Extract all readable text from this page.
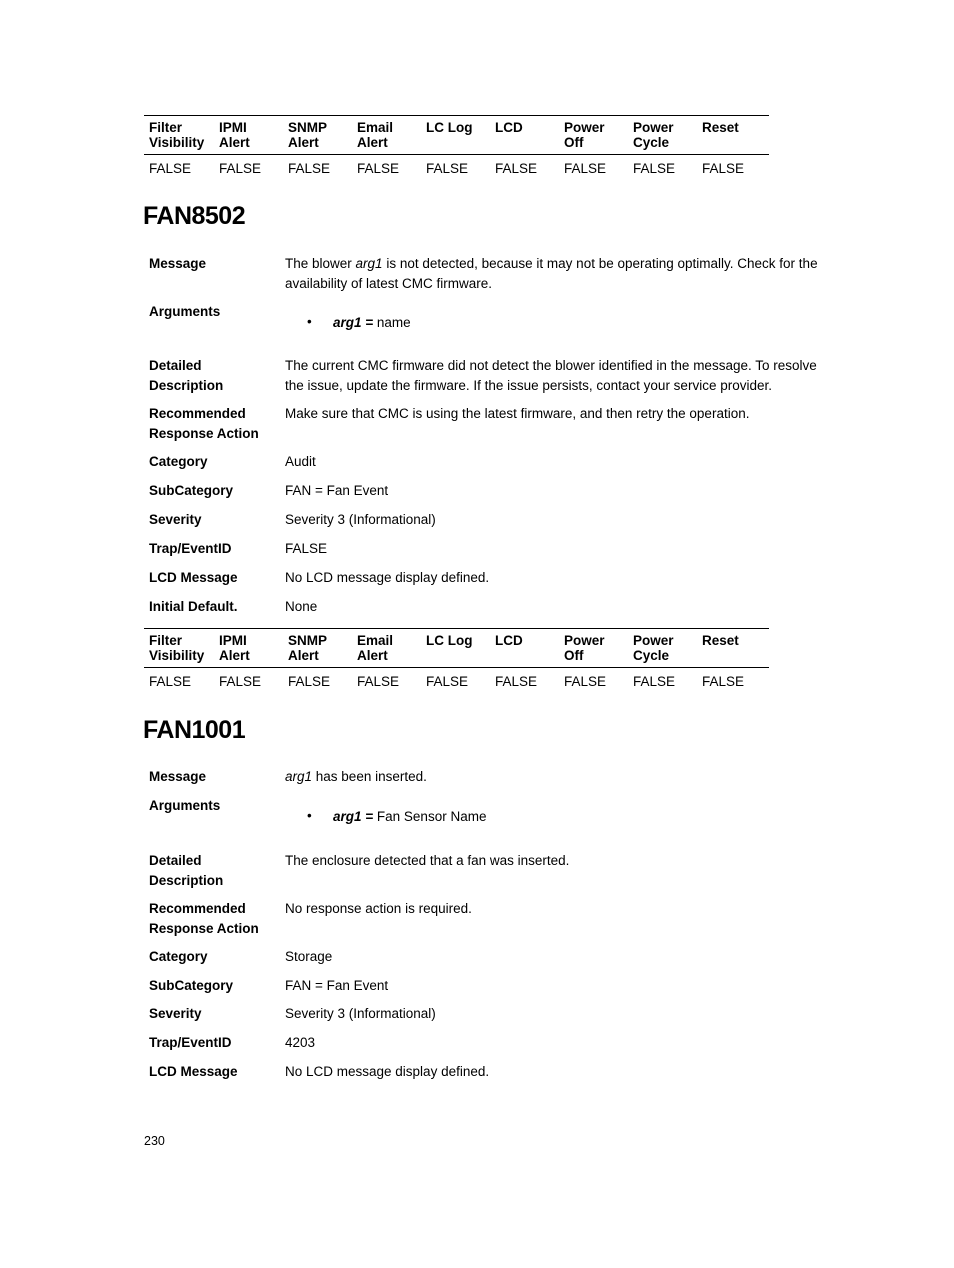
Filter Visibility	IPMI Alert	SNMP Alert	Email Alert	LC Log	LCD	Power Off	Power Cycle	Reset
FALSE	FALSE	FALSE	FALSE	FALSE	FALSE	FALSE	FALSE	FALSE
FAN8502
Message	The blower arg1 is not detected, because it may not be operating optimally. Check for the availability of latest CMC firmware.
Arguments
• arg1 = name
Detailed Description
The current CMC firmware did not detect the blower identified in the message. To resolve the issue, update the firmware. If the issue persists, contact your service provider.
Recommended Response Action
Make sure that CMC is using the latest firmware, and then retry the operation.
Category	Audit
SubCategory	FAN = Fan Event
Severity	Severity 3 (Informational)
Trap/EventID	FALSE
LCD Message	No LCD message display defined.
Initial Default.	None
Filter Visibility	IPMI Alert	SNMP Alert	Email Alert	LC Log	LCD	Power Off	Power Cycle	Reset
FALSE	FALSE	FALSE	FALSE	FALSE	FALSE	FALSE	FALSE	FALSE
FAN1001
Message	arg1 has been inserted.
Arguments
• arg1 = Fan Sensor Name
Detailed Description
The enclosure detected that a fan was inserted.
Recommended Response Action
No response action is required.
Category	Storage
SubCategory	FAN = Fan Event
Severity	Severity 3 (Informational)
Trap/EventID	4203
LCD Message	No LCD message display defined.
230
